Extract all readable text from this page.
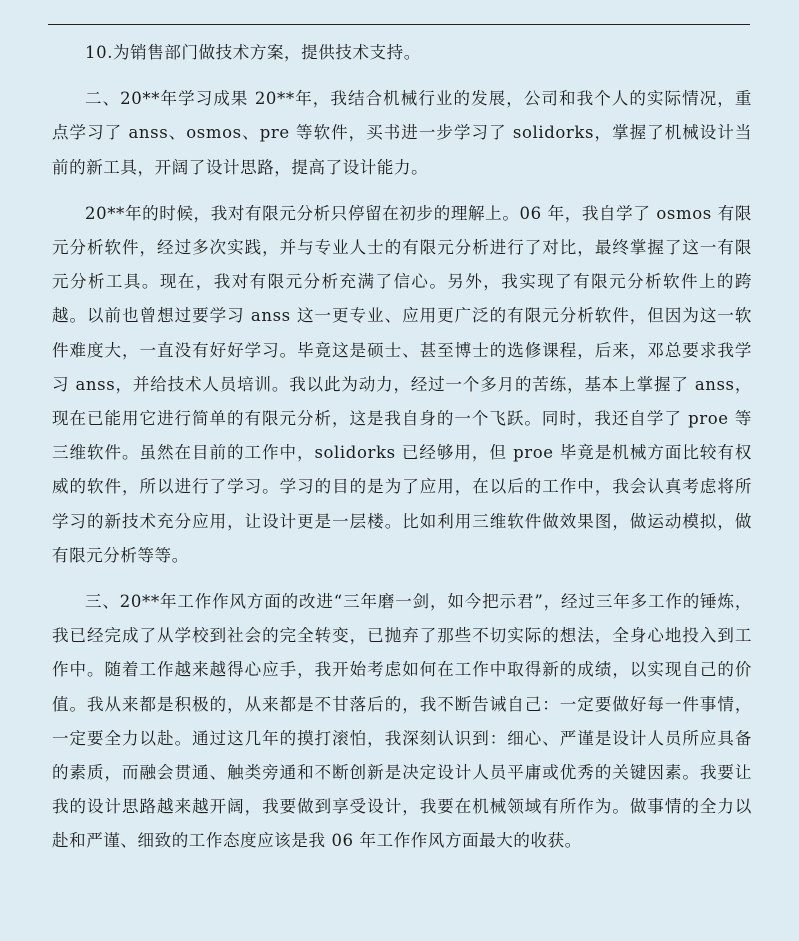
10.为销售部门做技术方案，提供技术支持。

二、20**年学习成果 20**年，我结合机械行业的发展，公司和我个人的实际情况，重点学习了 anss、osmos、pre 等软件，买书进一步学习了 solidorks，掌握了机械设计当前的新工具，开阔了设计思路，提高了设计能力。

20**年的时候，我对有限元分析只停留在初步的理解上。06 年，我自学了 osmos 有限元分析软件，经过多次实践，并与专业人士的有限元分析进行了对比，最终掌握了这一有限元分析工具。现在，我对有限元分析充满了信心。另外，我实现了有限元分析软件上的跨越。以前也曾想过要学习 anss 这一更专业、应用更广泛的有限元分析软件，但因为这一软件难度大，一直没有好好学习。毕竟这是硕士、甚至博士的选修课程，后来，邓总要求我学习 anss，并给技术人员培训。我以此为动力，经过一个多月的苦练，基本上掌握了 anss，现在已能用它进行简单的有限元分析，这是我自身的一个飞跃。同时，我还自学了 proe 等三维软件。虽然在目前的工作中，solidorks 已经够用，但 proe 毕竟是机械方面比较有权威的软件，所以进行了学习。学习的目的是为了应用，在以后的工作中，我会认真考虑将所学习的新技术充分应用，让设计更是一层楼。比如利用三维软件做效果图，做运动模拟，做有限元分析等等。

三、20**年工作作风方面的改进“三年磨一剑，如今把示君”，经过三年多工作的锤炼，我已经完成了从学校到社会的完全转变，已抛弃了那些不切实际的想法，全身心地投入到工作中。随着工作越来越得心应手，我开始考虑如何在工作中取得新的成绩，以实现自己的价值。我从来都是积极的，从来都是不甘落后的，我不断告诫自己：一定要做好每一件事情，一定要全力以赴。通过这几年的摸打滚怕，我深刻认识到：细心、严谨是设计人员所应具备的素质，而融会贯通、触类旁通和不断创新是决定设计人员平庸或优秀的关键因素。我要让我的设计思路越来越开阔，我要做到享受设计，我要在机械领域有所作为。做事情的全力以赴和严谨、细致的工作态度应该是我 06 年工作作风方面最大的收获。
